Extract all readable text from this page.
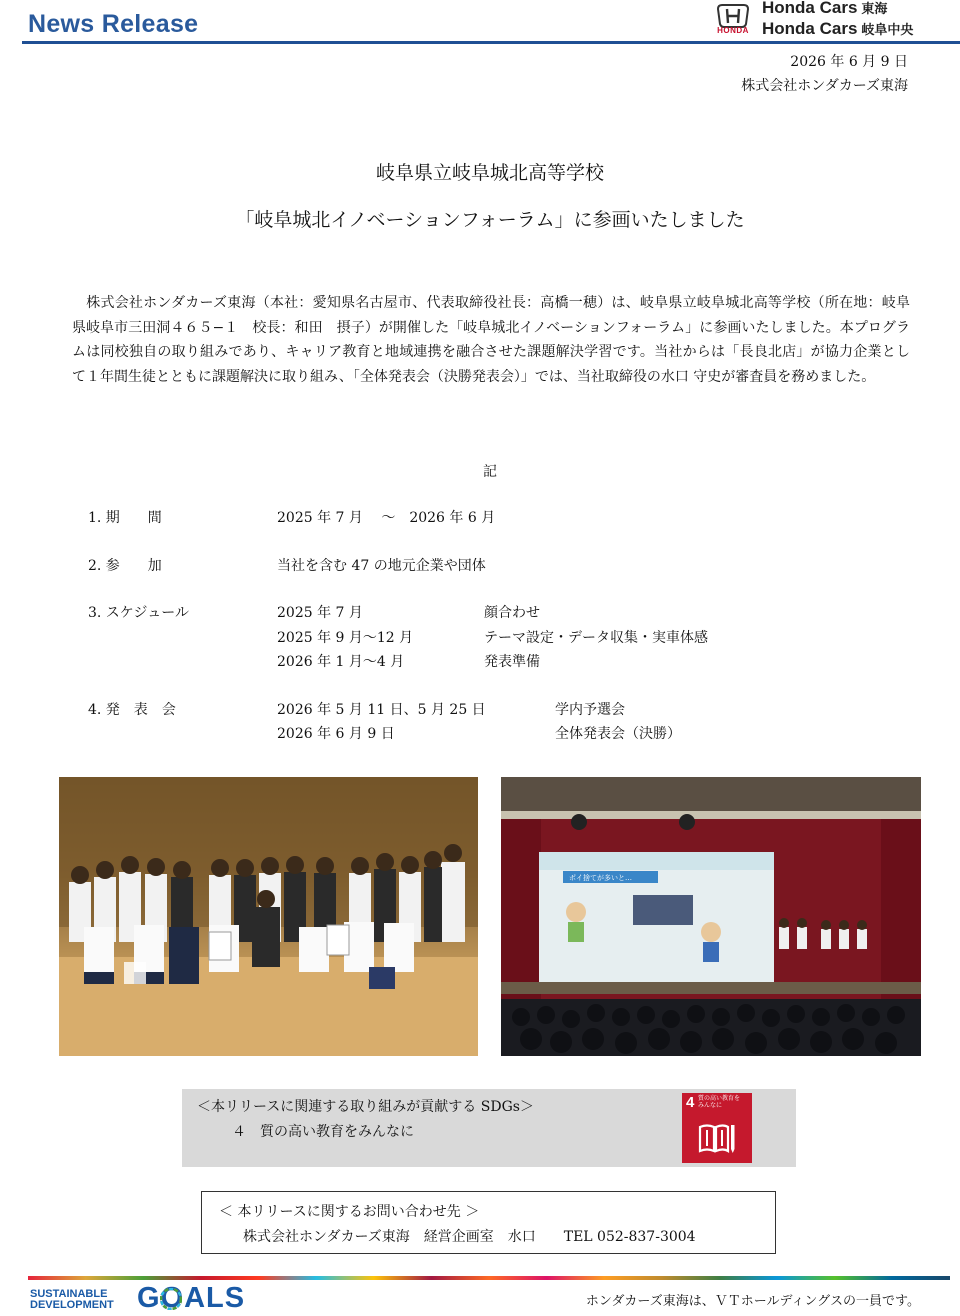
News Release	HONDA
Honda Cars 東海
Honda Cars 岐阜中央
2026 年 6 月 9 日
株式会社ホンダカーズ東海
岐阜県立岐阜城北高等学校
「岐阜城北イノベーションフォーラム」に参画いたしました
　株式会社ホンダカーズ東海（本社：愛知県名古屋市、代表取締役社長：高橋一穂）は、岐阜県立岐阜城北高等学校（所在地：岐阜県岐阜市三田洞４６５−１　校長：和田　摂子）が開催した「岐阜城北イノベーションフォーラム」に参画いたしました。本プログラムは同校独自の取り組みであり、キャリア教育と地域連携を融合させた課題解決学習です。当社からは「長良北店」が協力企業として１年間生徒とともに課題解決に取り組み、「全体発表会（決勝発表会）」では、当社取締役の水口 守史が審査員を務めました。
記
1. 期　　間	2025 年 7 月　 〜　2026 年 6 月
2. 参　　加	当社を含む 47 の地元企業や団体
3. スケジュール	2025 年 7 月	顔合わせ
2025 年 9 月〜12 月	テーマ設定・データ収集・実車体感
2026 年 1 月〜4 月	発表準備
4. 発　表　会	2026 年 5 月 11 日、5 月 25 日	学内予選会
2026 年 6 月 9 日	全体発表会（決勝）
ポイ捨てが多いと…
＜本リリースに関連する取り組みが貢献する SDGs＞
４　質の高い教育をみんなに
4 質の高い教育を
みんなに
＜ 本リリースに関するお問い合わせ先 ＞
株式会社ホンダカーズ東海　経営企画室　水口　　TEL 052-837-3004
SUSTAINABLE
DEVELOPMENT GOALS	ホンダカーズ東海は、ＶＴホールディングスの一員です。
